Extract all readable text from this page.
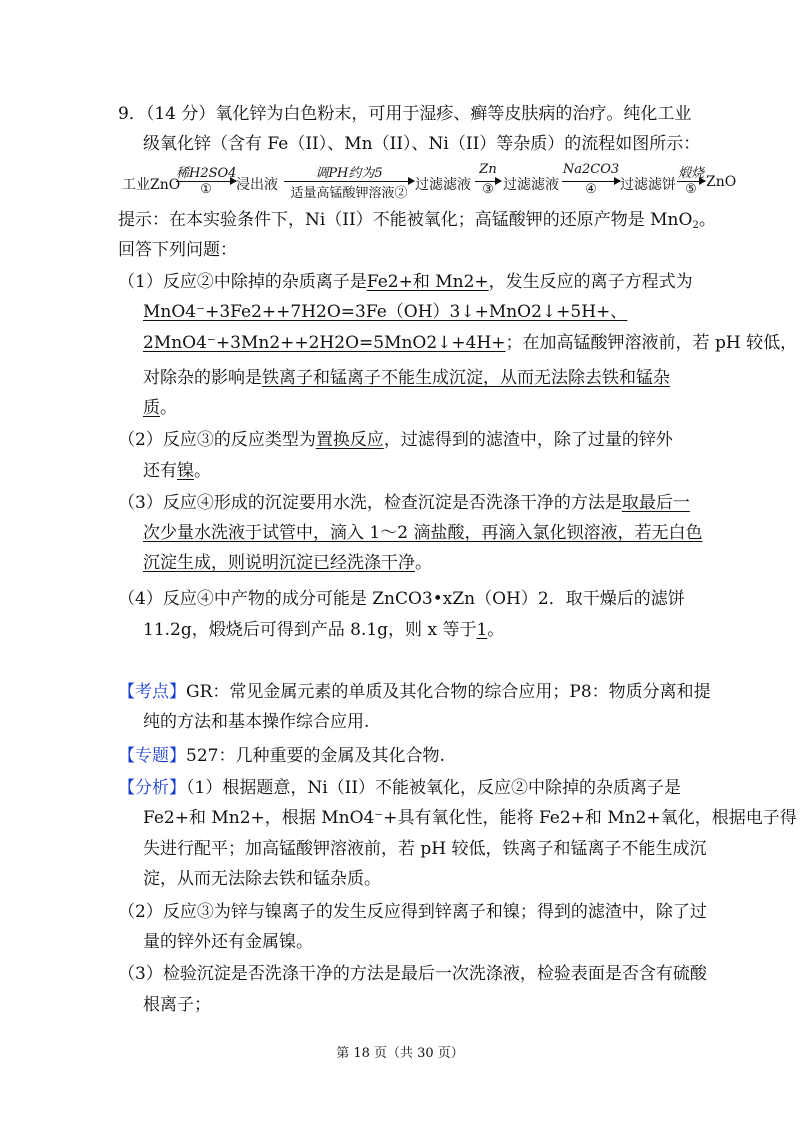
9．（14 分）氧化锌为白色粉末，可用于湿疹、癣等皮肤病的治疗。纯化工业
级氧化锌（含有 Fe（II）、Mn（II）、Ni（II）等杂质）的流程如图所示：
工业ZnO
稀H2SO4
①	浸出液
调PH约为5
适量高锰酸钾溶液②
过滤滤液
Zn
③ 过滤滤液
Na2CO3
④	过滤滤饼
煅烧
⑤ ZnO
提示：在本实验条件下，Ni（II）不能被氧化；高锰酸钾的还原产物是 MnO$_2$。
回答下列问题：
（1）反应②中除掉的杂质离子是Fe2+和 Mn2+，发生反应的离子方程式为
MnO4⁻+3Fe2++7H2O=3Fe（OH）3↓+MnO2↓+5H+、
2MnO4⁻+3Mn2++2H2O=5MnO2↓+4H+；在加高锰酸钾溶液前，若 pH 较低，
对除杂的影响是铁离子和锰离子不能生成沉淀，从而无法除去铁和锰杂
质。
（2）反应③的反应类型为置换反应，过滤得到的滤渣中，除了过量的锌外
还有镍。
（3）反应④形成的沉淀要用水洗，检查沉淀是否洗涤干净的方法是取最后一
次少量水洗液于试管中，滴入 1～2 滴盐酸，再滴入氯化钡溶液，若无白色
沉淀生成，则说明沉淀已经洗涤干净。
（4）反应④中产物的成分可能是 ZnCO3•xZn（OH）2．取干燥后的滤饼
11.2g，煅烧后可得到产品 8.1g，则 x 等于1。
【考点】GR：常见金属元素的单质及其化合物的综合应用；P8：物质分离和提
纯的方法和基本操作综合应用.
【专题】527：几种重要的金属及其化合物.
【分析】（1）根据题意，Ni（II）不能被氧化，反应②中除掉的杂质离子是
Fe2+和 Mn2+，根据 MnO4⁻+具有氧化性，能将 Fe2+和 Mn2+氧化，根据电子得
失进行配平；加高锰酸钾溶液前，若 pH 较低，铁离子和锰离子不能生成沉
淀，从而无法除去铁和锰杂质。
（2）反应③为锌与镍离子的发生反应得到锌离子和镍；得到的滤渣中，除了过
量的锌外还有金属镍。
（3）检验沉淀是否洗涤干净的方法是最后一次洗涤液，检验表面是否含有硫酸
根离子；
第 18 页（共 30 页）
